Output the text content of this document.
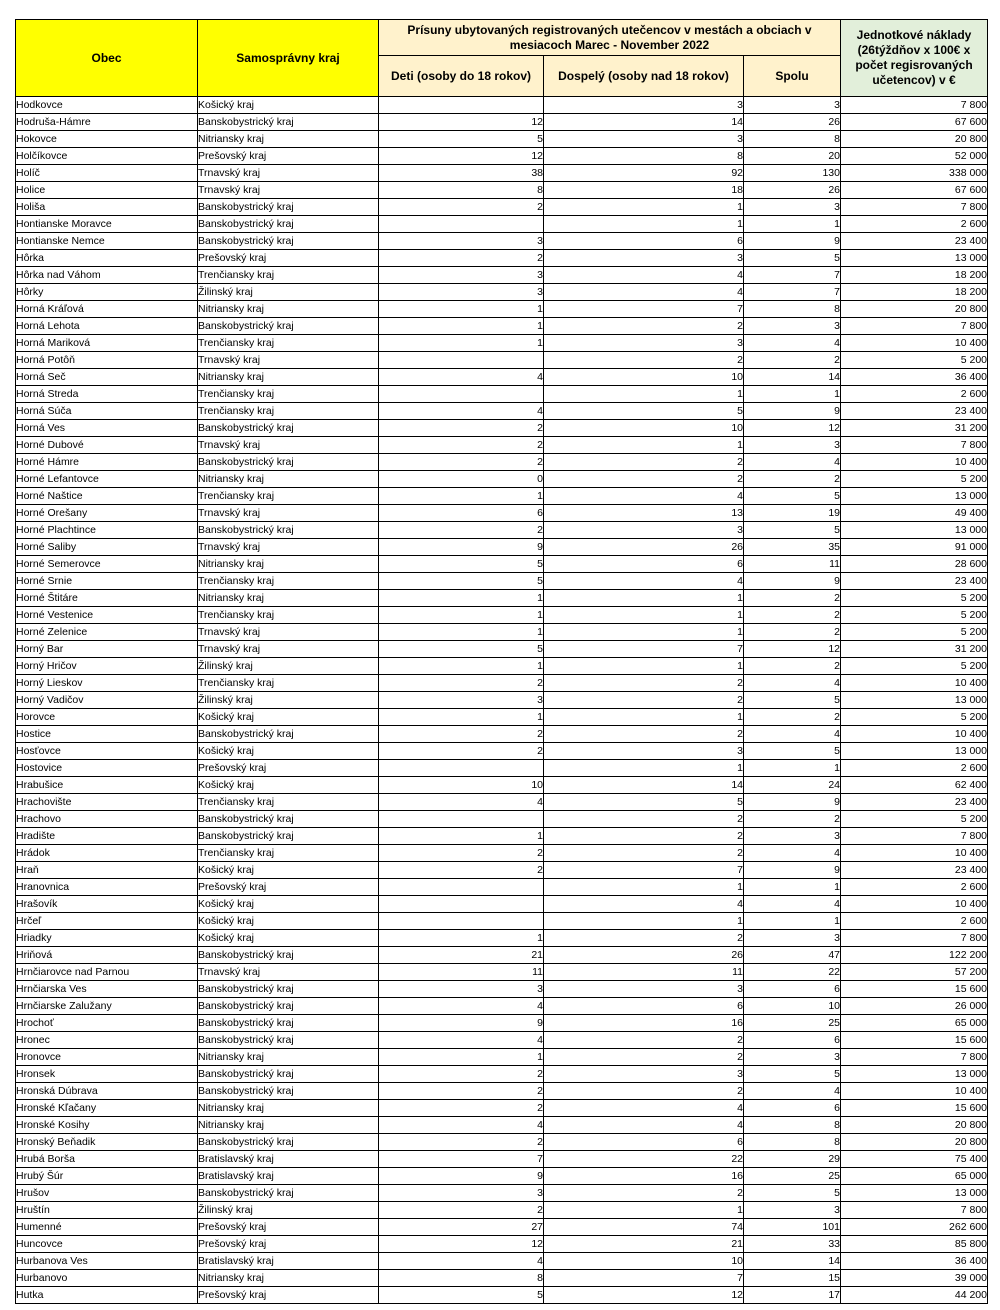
Obec	Samosprávny kraj	Prísuny ubytovaných registrovaných utečencov v mestách a obciach v mesiacoch Marec - November 2022			Jednotkové náklady (26týždňov x 100€ x počet regisrovaných učetencov) v €
		Deti (osoby do 18 rokov)	Dospelý (osoby nad 18 rokov)	Spolu	
Hodkovce	Košický kraj		3	3	7 800
Hodruša-Hámre	Banskobystrický kraj	12	14	26	67 600
Hokovce	Nitriansky kraj	5	3	8	20 800
Holčíkovce	Prešovský kraj	12	8	20	52 000
Holíč	Trnavský kraj	38	92	130	338 000
Holice	Trnavský kraj	8	18	26	67 600
Holiša	Banskobystrický kraj	2	1	3	7 800
Hontianske Moravce	Banskobystrický kraj		1	1	2 600
Hontianske Nemce	Banskobystrický kraj	3	6	9	23 400
Hôrka	Prešovský kraj	2	3	5	13 000
Hôrka nad Váhom	Trenčiansky kraj	3	4	7	18 200
Hôrky	Žilinský kraj	3	4	7	18 200
Horná Kráľová	Nitriansky kraj	1	7	8	20 800
Horná Lehota	Banskobystrický kraj	1	2	3	7 800
Horná Mariková	Trenčiansky kraj	1	3	4	10 400
Horná Potôň	Trnavský kraj		2	2	5 200
Horná Seč	Nitriansky kraj	4	10	14	36 400
Horná Streda	Trenčiansky kraj		1	1	2 600
Horná Súča	Trenčiansky kraj	4	5	9	23 400
Horná Ves	Banskobystrický kraj	2	10	12	31 200
Horné Dubové	Trnavský kraj	2	1	3	7 800
Horné Hámre	Banskobystrický kraj	2	2	4	10 400
Horné Lefantovce	Nitriansky kraj	0	2	2	5 200
Horné Naštice	Trenčiansky kraj	1	4	5	13 000
Horné Orešany	Trnavský kraj	6	13	19	49 400
Horné Plachtince	Banskobystrický kraj	2	3	5	13 000
Horné Saliby	Trnavský kraj	9	26	35	91 000
Horné Semerovce	Nitriansky kraj	5	6	11	28 600
Horné Srnie	Trenčiansky kraj	5	4	9	23 400
Horné Štitáre	Nitriansky kraj	1	1	2	5 200
Horné Vestenice	Trenčiansky kraj	1	1	2	5 200
Horné Zelenice	Trnavský kraj	1	1	2	5 200
Horný Bar	Trnavský kraj	5	7	12	31 200
Horný Hričov	Žilinský kraj	1	1	2	5 200
Horný Lieskov	Trenčiansky kraj	2	2	4	10 400
Horný Vadičov	Žilinský kraj	3	2	5	13 000
Horovce	Košický kraj	1	1	2	5 200
Hostice	Banskobystrický kraj	2	2	4	10 400
Hosťovce	Košický kraj	2	3	5	13 000
Hostovice	Prešovský kraj		1	1	2 600
Hrabušice	Košický kraj	10	14	24	62 400
Hrachovište	Trenčiansky kraj	4	5	9	23 400
Hrachovo	Banskobystrický kraj		2	2	5 200
Hradište	Banskobystrický kraj	1	2	3	7 800
Hrádok	Trenčiansky kraj	2	2	4	10 400
Hraň	Košický kraj	2	7	9	23 400
Hranovnica	Prešovský kraj		1	1	2 600
Hrašovík	Košický kraj		4	4	10 400
Hrčeľ	Košický kraj		1	1	2 600
Hriadky	Košický kraj	1	2	3	7 800
Hriňová	Banskobystrický kraj	21	26	47	122 200
Hrnčiarovce nad Parnou	Trnavský kraj	11	11	22	57 200
Hrnčiarska Ves	Banskobystrický kraj	3	3	6	15 600
Hrnčiarske Zalužany	Banskobystrický kraj	4	6	10	26 000
Hrochoť	Banskobystrický kraj	9	16	25	65 000
Hronec	Banskobystrický kraj	4	2	6	15 600
Hronovce	Nitriansky kraj	1	2	3	7 800
Hronsek	Banskobystrický kraj	2	3	5	13 000
Hronská Dúbrava	Banskobystrický kraj	2	2	4	10 400
Hronské Kľačany	Nitriansky kraj	2	4	6	15 600
Hronské Kosihy	Nitriansky kraj	4	4	8	20 800
Hronský Beňadik	Banskobystrický kraj	2	6	8	20 800
Hrubá Borša	Bratislavský kraj	7	22	29	75 400
Hrubý Šúr	Bratislavský kraj	9	16	25	65 000
Hrušov	Banskobystrický kraj	3	2	5	13 000
Hruštín	Žilinský kraj	2	1	3	7 800
Humenné	Prešovský kraj	27	74	101	262 600
Huncovce	Prešovský kraj	12	21	33	85 800
Hurbanova Ves	Bratislavský kraj	4	10	14	36 400
Hurbanovo	Nitriansky kraj	8	7	15	39 000
Hutka	Prešovský kraj	5	12	17	44 200
